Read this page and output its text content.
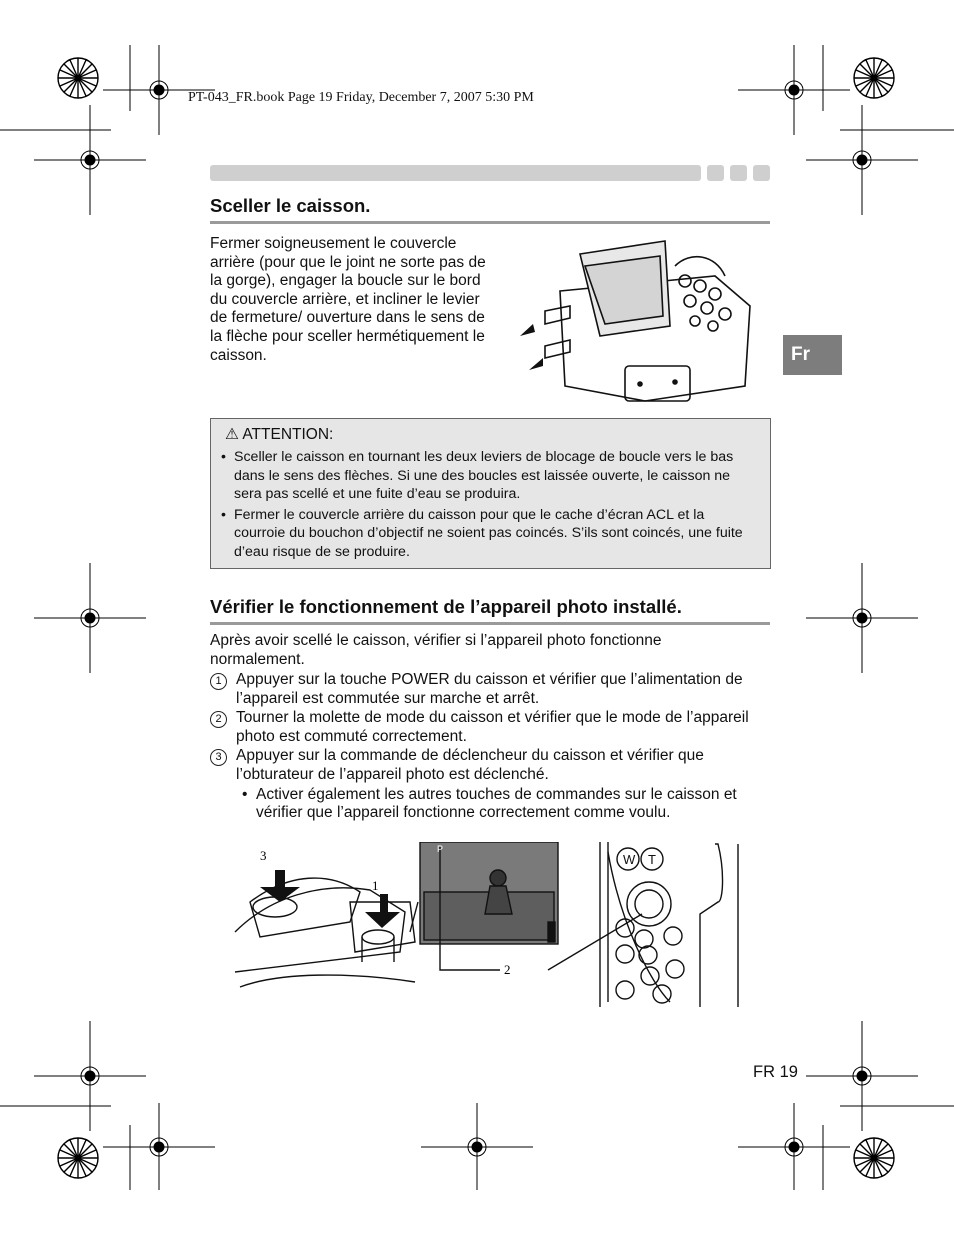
PT-043_FR.book Page 19 Friday, December 7, 2007 5:30 PM
Fr
Sceller le caisson.
Fermer soigneusement le couvercle arrière (pour que le joint ne sorte pas de la gorge), engager la boucle sur le bord du couvercle arrière, et incliner le levier de fermeture/ ouverture dans le sens de la flèche pour sceller hermétiquement le caisson.
⚠ ATTENTION:
• Sceller le caisson en tournant les deux leviers de blocage de boucle vers le bas dans le sens des flèches. Si une des boucles est laissée ouverte, le caisson ne sera pas scellé et une fuite d’eau se produira.
• Fermer le couvercle arrière du caisson pour que le cache d’écran ACL et la courroie du bouchon d’objectif ne soient pas coincés. S’ils sont coincés, une fuite d’eau risque de se produire.
Vérifier le fonctionnement de l’appareil photo installé.
Après avoir scellé le caisson, vérifier si l’appareil photo fonctionne normalement.
1 Appuyer sur la touche POWER du caisson et vérifier que l’alimentation de l’appareil est commutée sur marche et arrêt.
2 Tourner la molette de mode du caisson et vérifier que le mode de l’appareil photo est commuté correctement.
3 Appuyer sur la commande de déclencheur du caisson et vérifier que l’obturateur de l’appareil photo est déclenché.
• Activer également les autres touches de commandes sur le caisson et vérifier que l’appareil fonctionne correctement comme voulu.
3
1
2
P
W T
FR 19
